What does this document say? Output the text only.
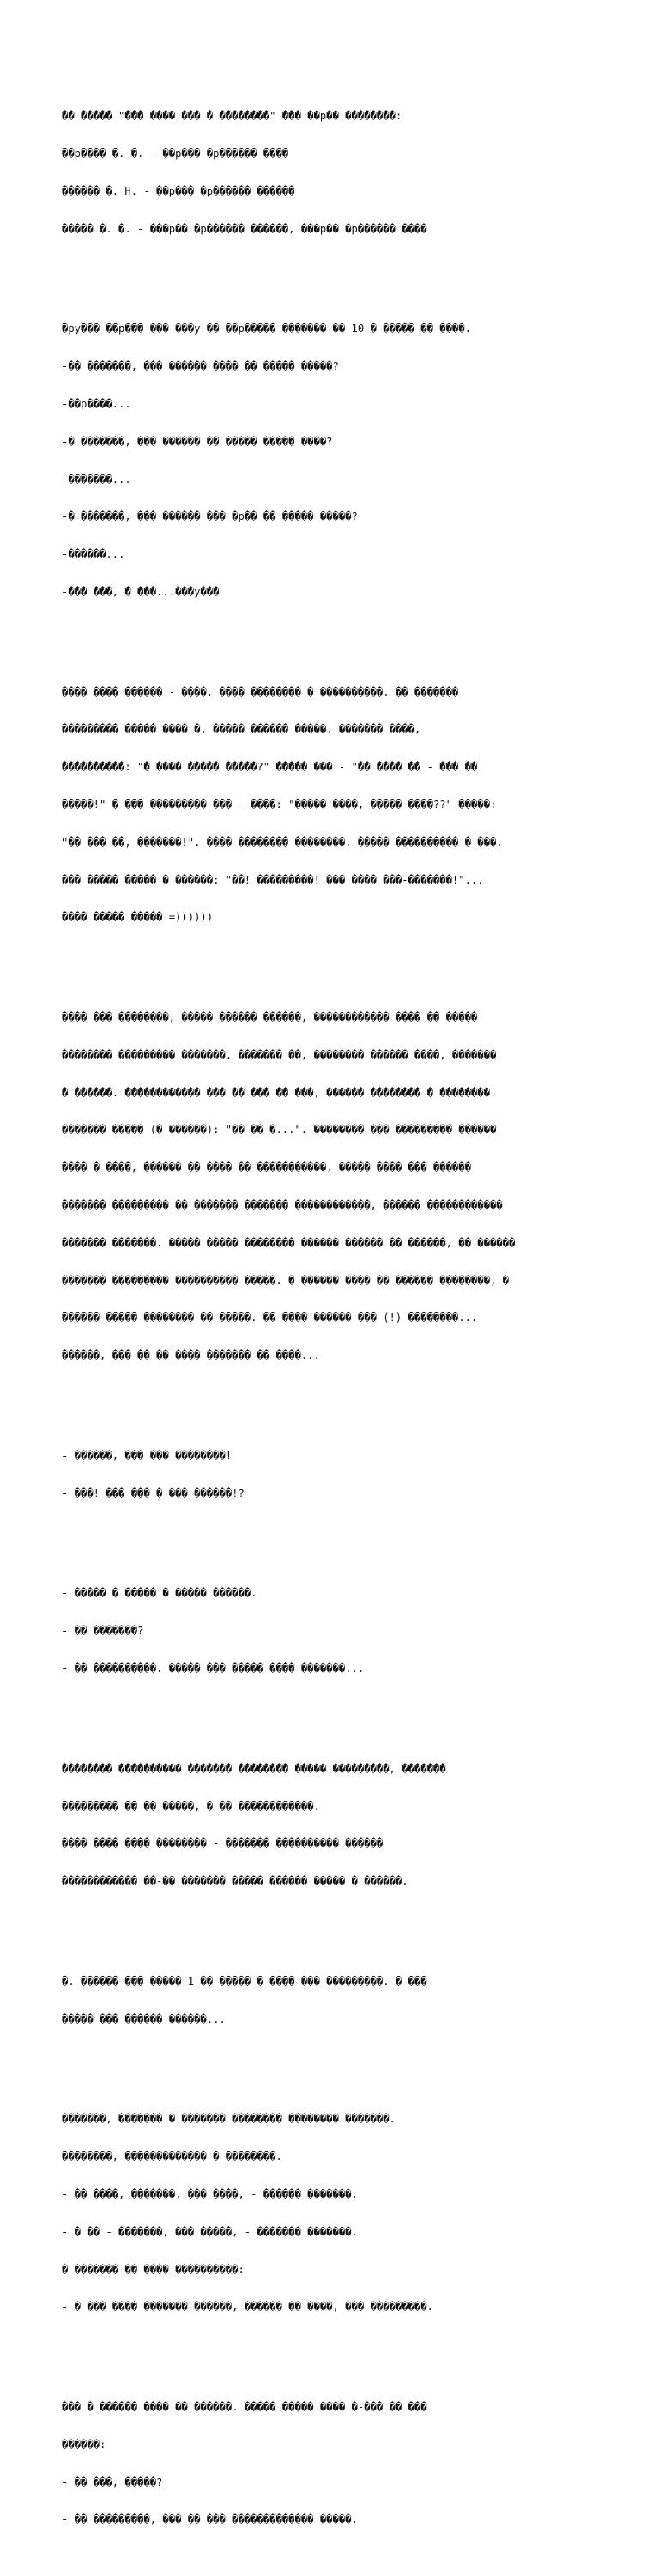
�� ����� "��� ���� ��� � ��������" ��� ��р�� ��������:

��р���� �. �. - ��р��� �р������ ����

������ �. Н. - ��р��� �р������ ������

����� �. �. - ���р�� �р������ ������, ���р�� �р������ ����

�ру��� ��р��� ��� ���у �� ��р����� ������� �� 10-� ����� �� ����.

-�� �������, ��� ������ ���� �� ����� �����?

-��р����...

-� �������, ��� ������ �� ����� ����� ����?

-�������...

-� �������, ��� ������ ��� �р�� �� ����� �����?

-������...

-��� ���, � ���...���у���

���� ���� ������ - ����. ���� �������� � ����������. �� �������

��������� ����� ���� �, ����� ������ �����, ������� ����,

����������: "� ���� ����� �����?" ����� ��� - "�� ���� �� - ��� ��

�����!" � ��� ��������� ��� - ����: "����� ����, ����� ����??" �����:

"�� ��� ��, �������!". ���� �������� ��������. ����� ���������� � ���.

��� ����� ����� � ������: "��! ���������! ��� ���� ���-�������!"...

���� ����� ����� =))))))

���� ��� ��������, ����� ������ ������, ������������ ���� �� �����

�������� ��������� �������. ������� ��, �������� ������ ����, �������

� ������. ������������ ��� �� ��� �� ���, ������ �������� � ��������

������� ����� (� ������): "�� �� �...". �������� ��� ��������� ������

���� � ����, ������ �� ���� �� �����������, ����� ���� ��� ������

������� ��������� �� ������� ������� ������������, ������ ������������

������� �������. ����� ����� �������� ������ ������ �� ������, �� ������

������� ��������� ���������� �����. � ������ ���� �� ������ ��������, �

������ ����� �������� �� �����. �� ���� ������ ��� (!) ��������...

������, ��� �� �� ���� ������� �� ����...

- ������, ��� ��� ��������!

- ���! ��� ��� � ��� ������!?

- ����� � ����� � ����� ������.

- �� �������?

- �� ����������. ����� ��� ����� ���� �������...

�������� ���������� ������� �������� ����� ���������, �������

��������� �� �� �����, � �� ������������.

���� ���� ���� �������� - ������� ���������� ������

������������ ��-�� ������� ����� ������ ����� � ������.

�. ������ ��� ����� 1-�� ����� � ����-��� ���������. � ���

����� ��� ������ ������...

�������, ������� � ������� �������� �������� �������.

��������, ������������� � ��������.

- �� ����, �������, ��� ����, - ������ �������.

- � �� - �������, ��� �����, - ������� �������.

� ������� �� ���� ����������:

- � ��� ���� ������� ������, ������ �� ����, ��� ���������.

��� � ������ ���� �� ������. ����� ����� ���� �-��� �� ���

������:

- �� ���, �����?

- �� ���������, ��� �� ��� ������������� �����.
